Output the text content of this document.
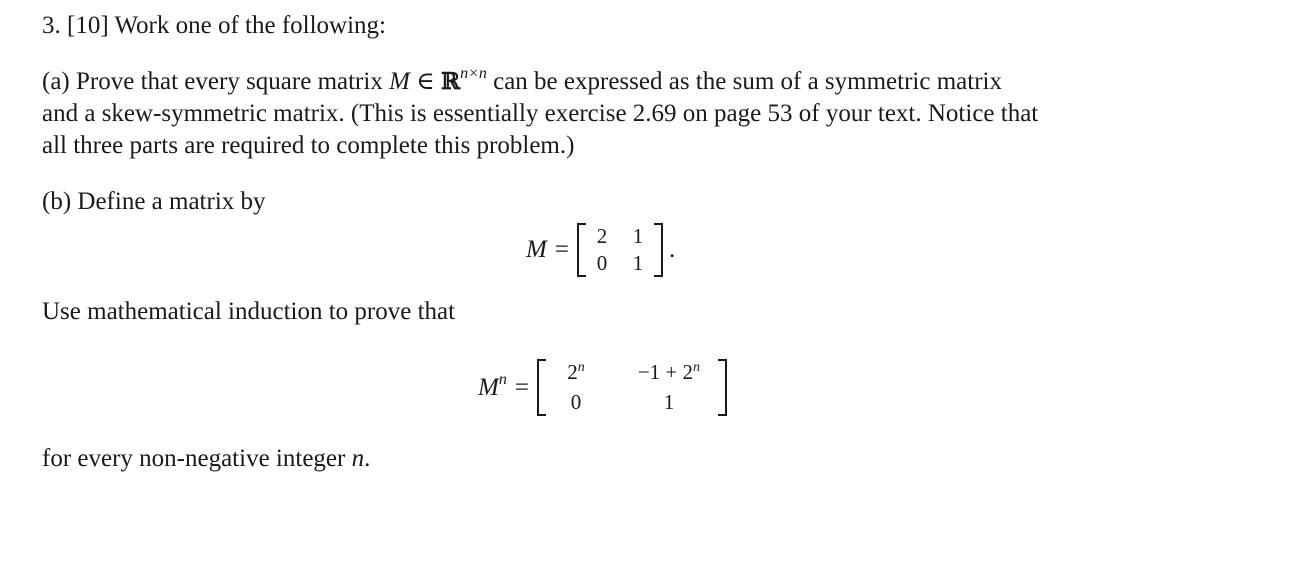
3. [10] Work one of the following:
(a) Prove that every square matrix M ∈ ℝ$^{n\times n}$ can be expressed as the sum of a symmetric matrix
and a skew-symmetric matrix. (This is essentially exercise 2.69 on page 53 of your text. Notice that
all three parts are required to complete this problem.)
(b) Define a matrix by
M =	2	1
0	1	.
Use mathematical induction to prove that
$M^n$ =
$2^n$	$-1 + 2^n$
0	1
for every non-negative integer n.
